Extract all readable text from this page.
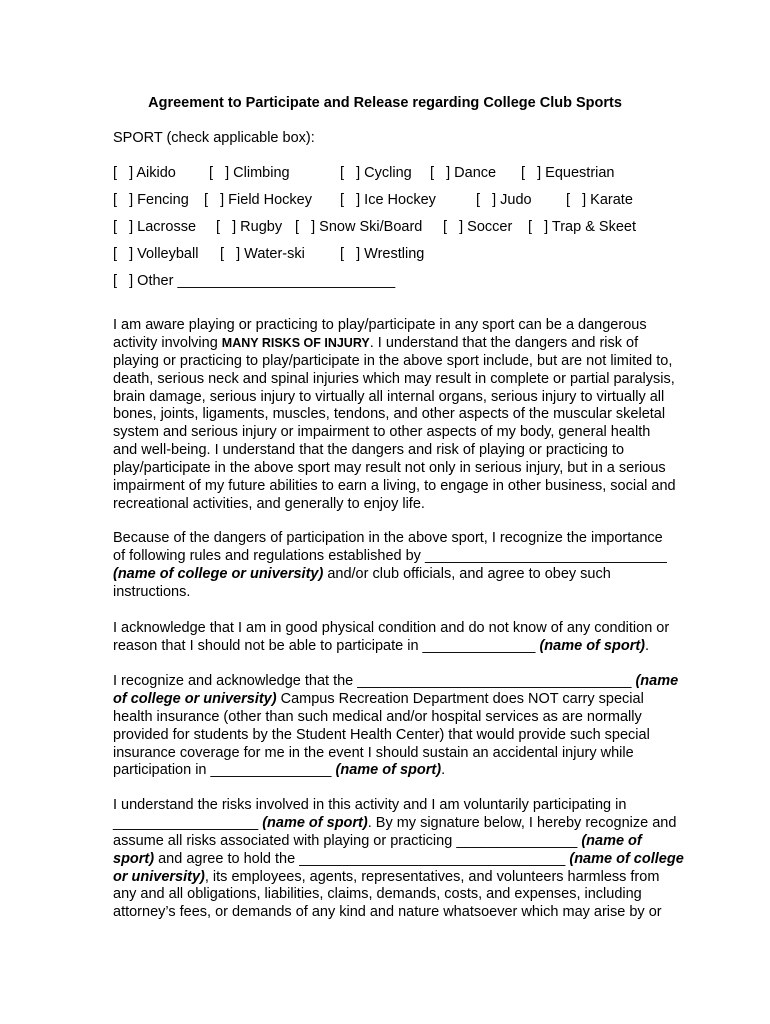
Agreement to Participate and Release regarding College Club Sports
SPORT (check applicable box):
[   ] Aikido [   ] Climbing	[   ] Cycling [   ] Dance [   ] Equestrian
[   ] Fencing [   ] Field Hockey [   ] Ice Hockey	[   ] Judo [   ] Karate
[   ] Lacrosse [   ] Rugby [   ] Snow Ski/Board [   ] Soccer [   ] Trap & Skeet
[   ] Volleyball [   ] Water-ski [   ] Wrestling
[   ] Other ___________________________
I am aware playing or practicing to play/participate in any sport can be a dangerous
activity involving MANY RISKS OF INJURY. I understand that the dangers and risk of
playing or practicing to play/participate in the above sport include, but are not limited to,
death, serious neck and spinal injuries which may result in complete or partial paralysis,
brain damage, serious injury to virtually all internal organs, serious injury to virtually all
bones, joints, ligaments, muscles, tendons, and other aspects of the muscular skeletal
system and serious injury or impairment to other aspects of my body, general health
and well-being. I understand that the dangers and risk of playing or practicing to
play/participate in the above sport may result not only in serious injury, but in a serious
impairment of my future abilities to earn a living, to engage in other business, social and
recreational activities, and generally to enjoy life.
Because of the dangers of participation in the above sport, I recognize the importance
of following rules and regulations established by ______________________________
(name of college or university) and/or club officials, and agree to obey such
instructions.
I acknowledge that I am in good physical condition and do not know of any condition or
reason that I should not be able to participate in ______________ (name of sport).
I recognize and acknowledge that the __________________________________ (name
of college or university) Campus Recreation Department does NOT carry special
health insurance (other than such medical and/or hospital services as are normally
provided for students by the Student Health Center) that would provide such special
insurance coverage for me in the event I should sustain an accidental injury while
participation in _______________ (name of sport).
I understand the risks involved in this activity and I am voluntarily participating in
__________________ (name of sport). By my signature below, I hereby recognize and
assume all risks associated with playing or practicing _______________ (name of
sport) and agree to hold the _________________________________ (name of college
or university), its employees, agents, representatives, and volunteers harmless from
any and all obligations, liabilities, claims, demands, costs, and expenses, including
attorney’s fees, or demands of any kind and nature whatsoever which may arise by or
